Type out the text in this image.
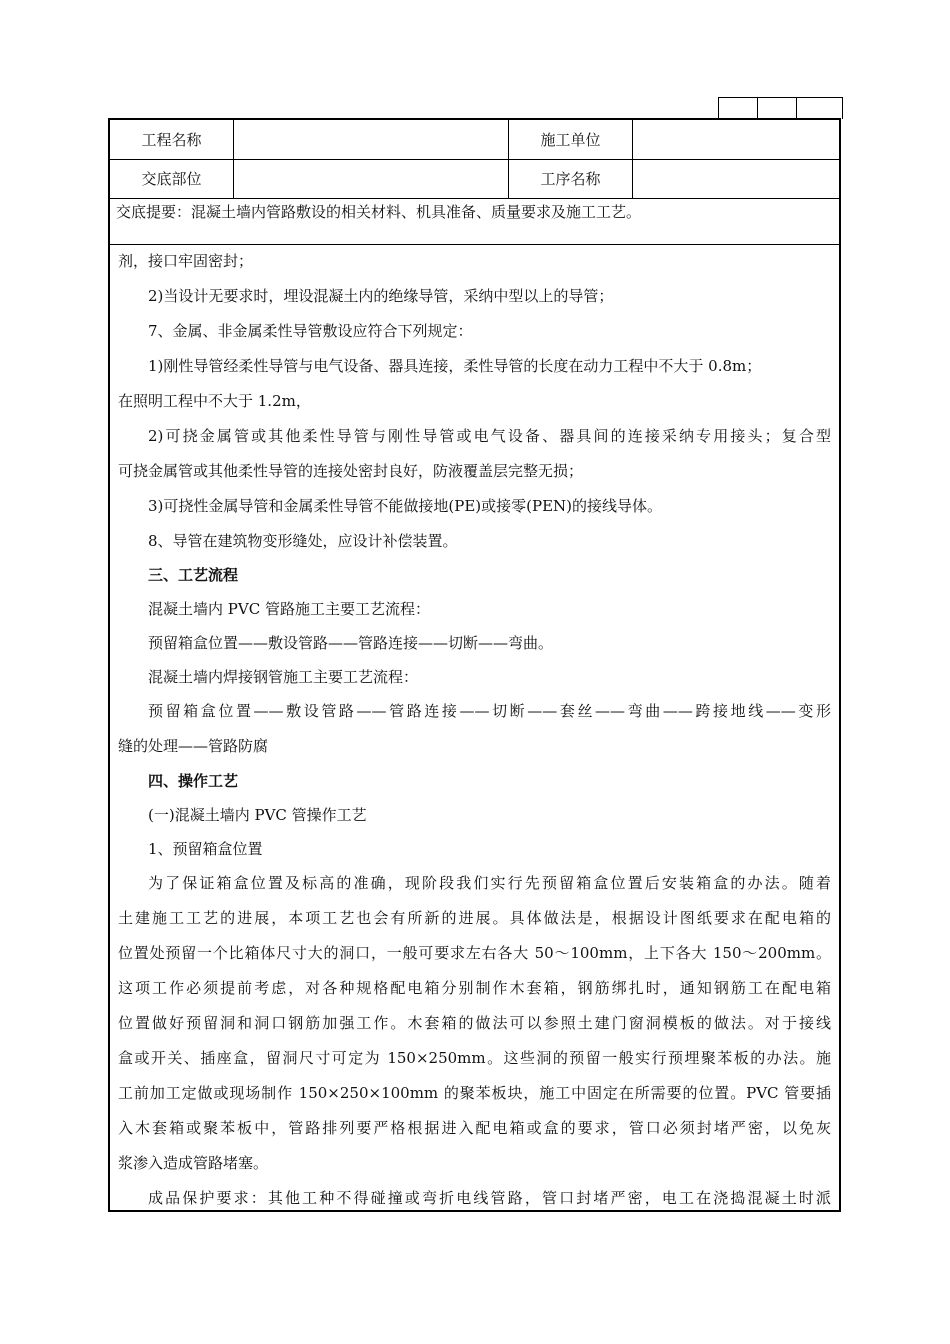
工程名称	施工单位
交底部位	工序名称
交底提要：混凝土墙内管路敷设的相关材料、机具准备、质量要求及施工工艺。

剂，接口牢固密封；

2)当设计无要求时，埋设混凝土内的绝缘导管，采纳中型以上的导管；

7、金属、非金属柔性导管敷设应符合下列规定：

1)刚性导管经柔性导管与电气设备、器具连接，柔性导管的长度在动力工程中不大于 0.8m；

在照明工程中不大于 1.2m，

2)可挠金属管或其他柔性导管与刚性导管或电气设备、器具间的连接采纳专用接头；复合型

可挠金属管或其他柔性导管的连接处密封良好，防液覆盖层完整无损；

3)可挠性金属导管和金属柔性导管不能做接地(PE)或接零(PEN)的接线导体。

8、导管在建筑物变形缝处，应设计补偿装置。

三、工艺流程

混凝土墙内 PVC 管路施工主要工艺流程：

预留箱盒位置——敷设管路——管路连接——切断——弯曲。

混凝土墙内焊接钢管施工主要工艺流程：

预留箱盒位置——敷设管路——管路连接——切断——套丝——弯曲——跨接地线——变形

缝的处理——管路防腐

四、操作工艺

(一)混凝土墙内 PVC 管操作工艺

1、预留箱盒位置

为了保证箱盒位置及标高的准确，现阶段我们实行先预留箱盒位置后安装箱盒的办法。随着

土建施工工艺的进展，本项工艺也会有所新的进展。具体做法是，根据设计图纸要求在配电箱的

位置处预留一个比箱体尺寸大的洞口，一般可要求左右各大 50～100mm，上下各大 150～200mm。

这项工作必须提前考虑，对各种规格配电箱分别制作木套箱，钢筋绑扎时，通知钢筋工在配电箱

位置做好预留洞和洞口钢筋加强工作。木套箱的做法可以参照土建门窗洞模板的做法。对于接线

盒或开关、插座盒，留洞尺寸可定为 150×250mm。这些洞的预留一般实行预埋聚苯板的办法。施

工前加工定做或现场制作 150×250×100mm 的聚苯板块，施工中固定在所需要的位置。PVC 管要插

入木套箱或聚苯板中，管路排列要严格根据进入配电箱或盒的要求，管口必须封堵严密，以免灰

浆渗入造成管路堵塞。

成品保护要求：其他工种不得碰撞或弯折电线管路，管口封堵严密，电工在浇捣混凝土时派
